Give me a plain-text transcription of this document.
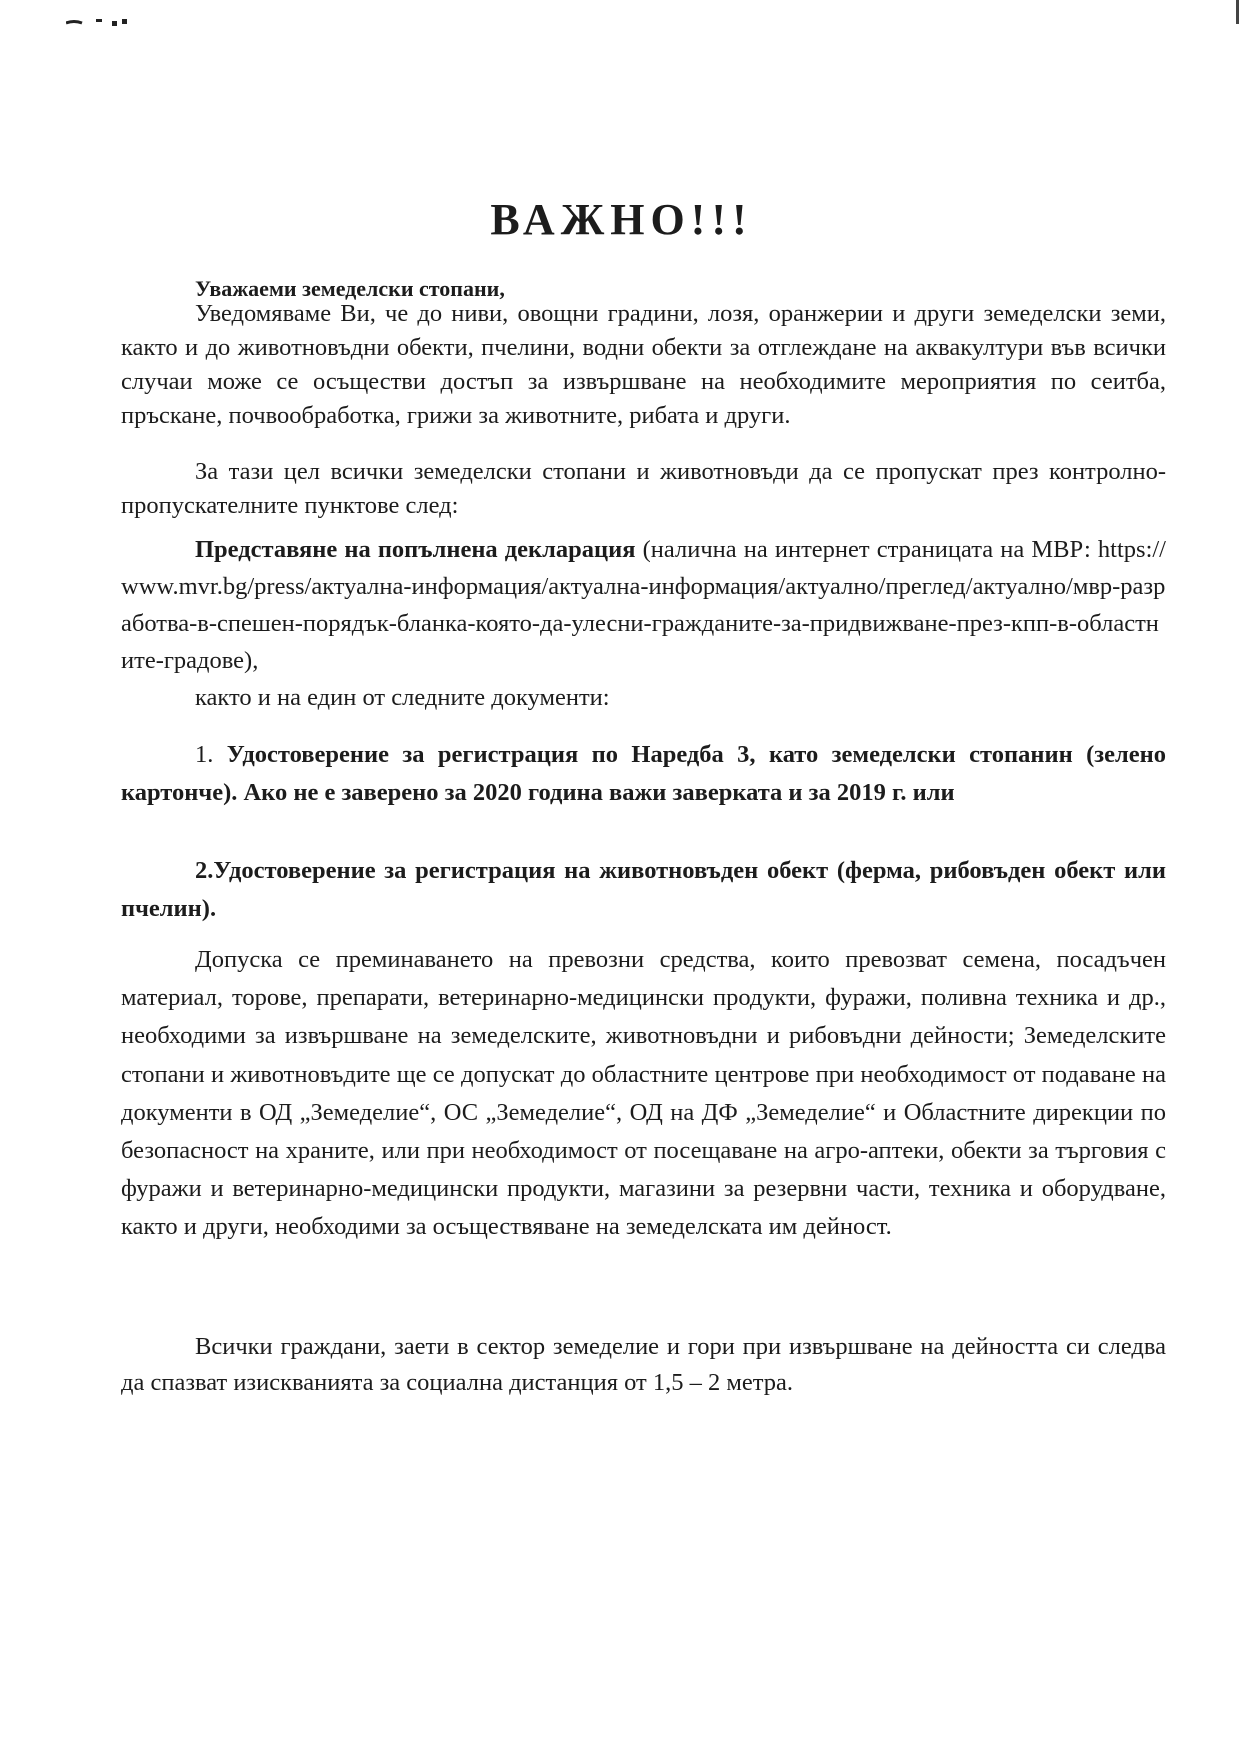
ВАЖНО!!!

Уважаеми земеделски стопани,

Уведомяваме Ви, че до ниви, овощни градини, лозя, оранжерии и други земеделски земи, както и до животновъдни обекти, пчелини, водни обекти за отглеждане на аквакултури във всички случаи може се осъществи достъп за извършване на необходимите мероприятия по сеитба, пръскане, почвообработка, грижи за животните, рибата и други.

За тази цел всички земеделски стопани и животновъди да се пропускат през контролно-пропускателните пунктове след:

Представяне на попълнена декларация (налична на интернет страницата на МВР: https://www.mvr.bg/press/актуална-информация/актуална-информация/актуално/преглед/актуално/мвр-разработва-в-спешен-порядък-бланка-която-да-улесни-гражданите-за-придвижване-през-кпп-в-областните-градове),

както и на един от следните документи:

1. Удостоверение за регистрация по Наредба 3, като земеделски стопанин (зелено картонче). Ако не е заверено за 2020 година важи заверката и за 2019 г. или

2.Удостоверение за регистрация на животновъден обект (ферма, рибовъден обект или пчелин).

Допуска се преминаването на превозни средства, които превозват семена, посадъчен материал, торове, препарати, ветеринарно-медицински продукти, фуражи, поливна техника и др., необходими за извършване на земеделските, животновъдни и рибовъдни дейности; Земеделските стопани и животновъдите ще се допускат до областните центрове при необходимост от подаване на документи в ОД „Земеделие“, ОС „Земеделие“, ОД на ДФ „Земеделие“ и Областните дирекции по безопасност на храните, или при необходимост от посещаване на агро-аптеки, обекти за търговия с фуражи и ветеринарно-медицински продукти, магазини за резервни части, техника и оборудване, както и други, необходими за осъществяване на земеделската им дейност.

Всички граждани, заети в сектор земеделие и гори при извършване на дейността си следва да спазват изискванията за социална дистанция от 1,5 – 2 метра.
